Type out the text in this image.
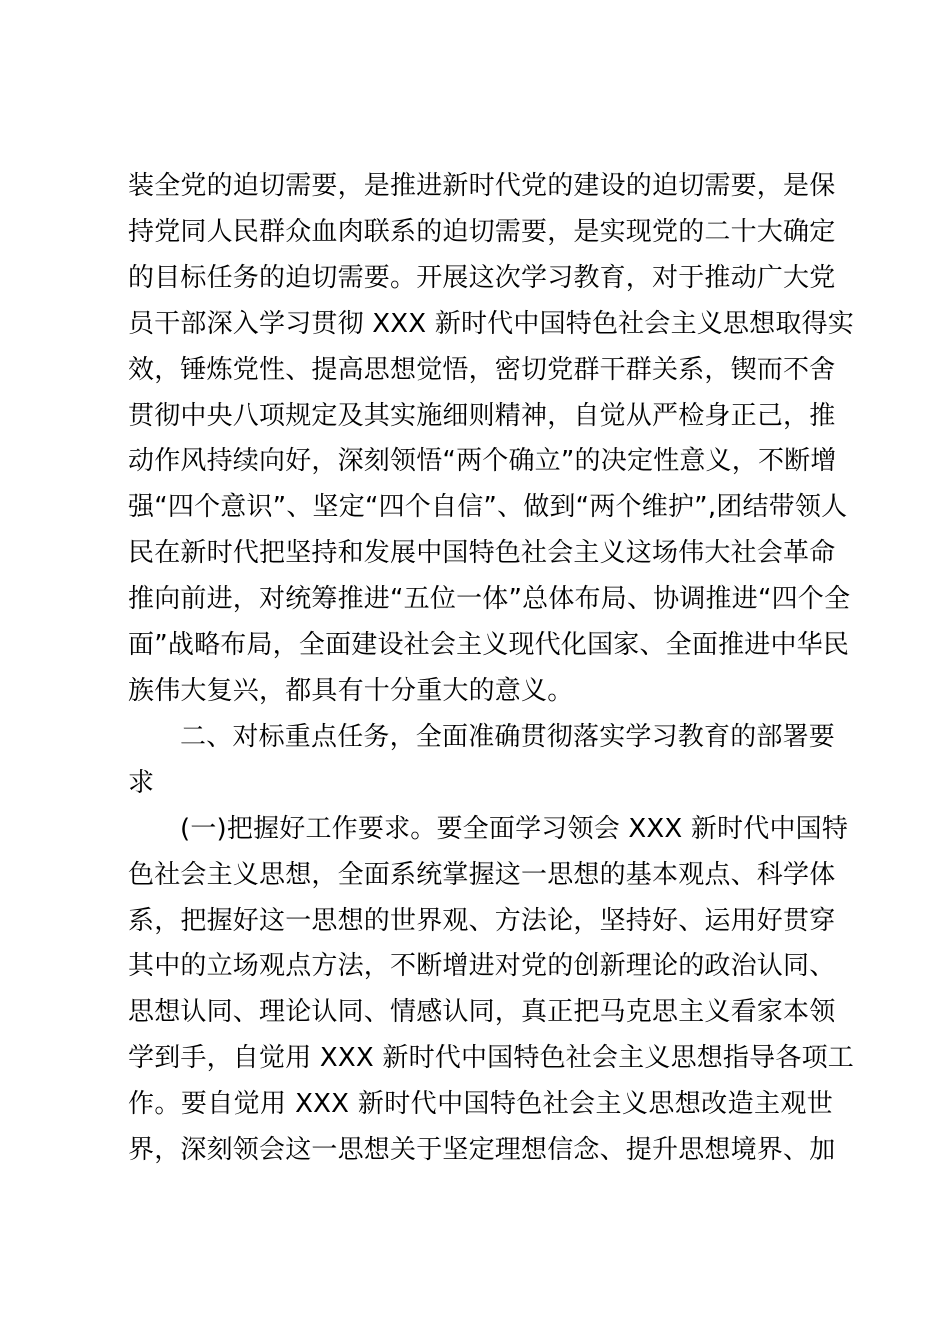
装全党的迫切需要，是推进新时代党的建设的迫切需要，是保
持党同人民群众血肉联系的迫切需要，是实现党的二十大确定
的目标任务的迫切需要。开展这次学习教育，对于推动广大党
员干部深入学习贯彻 XXX 新时代中国特色社会主义思想取得实
效，锤炼党性、提高思想觉悟，密切党群干群关系，锲而不舍
贯彻中央八项规定及其实施细则精神，自觉从严检身正己，推
动作风持续向好，深刻领悟“两个确立”的决定性意义，不断增
强“四个意识”、坚定“四个自信”、做到“两个维护”,团结带领人
民在新时代把坚持和发展中国特色社会主义这场伟大社会革命
推向前进，对统筹推进“五位一体”总体布局、协调推进“四个全
面”战略布局，全面建设社会主义现代化国家、全面推进中华民
族伟大复兴，都具有十分重大的意义。
二、对标重点任务，全面准确贯彻落实学习教育的部署要
求
(一)把握好工作要求。要全面学习领会 XXX 新时代中国特
色社会主义思想，全面系统掌握这一思想的基本观点、科学体
系，把握好这一思想的世界观、方法论，坚持好、运用好贯穿
其中的立场观点方法，不断增进对党的创新理论的政治认同、
思想认同、理论认同、情感认同，真正把马克思主义看家本领
学到手，自觉用 XXX 新时代中国特色社会主义思想指导各项工
作。要自觉用 XXX 新时代中国特色社会主义思想改造主观世
界，深刻领会这一思想关于坚定理想信念、提升思想境界、加
